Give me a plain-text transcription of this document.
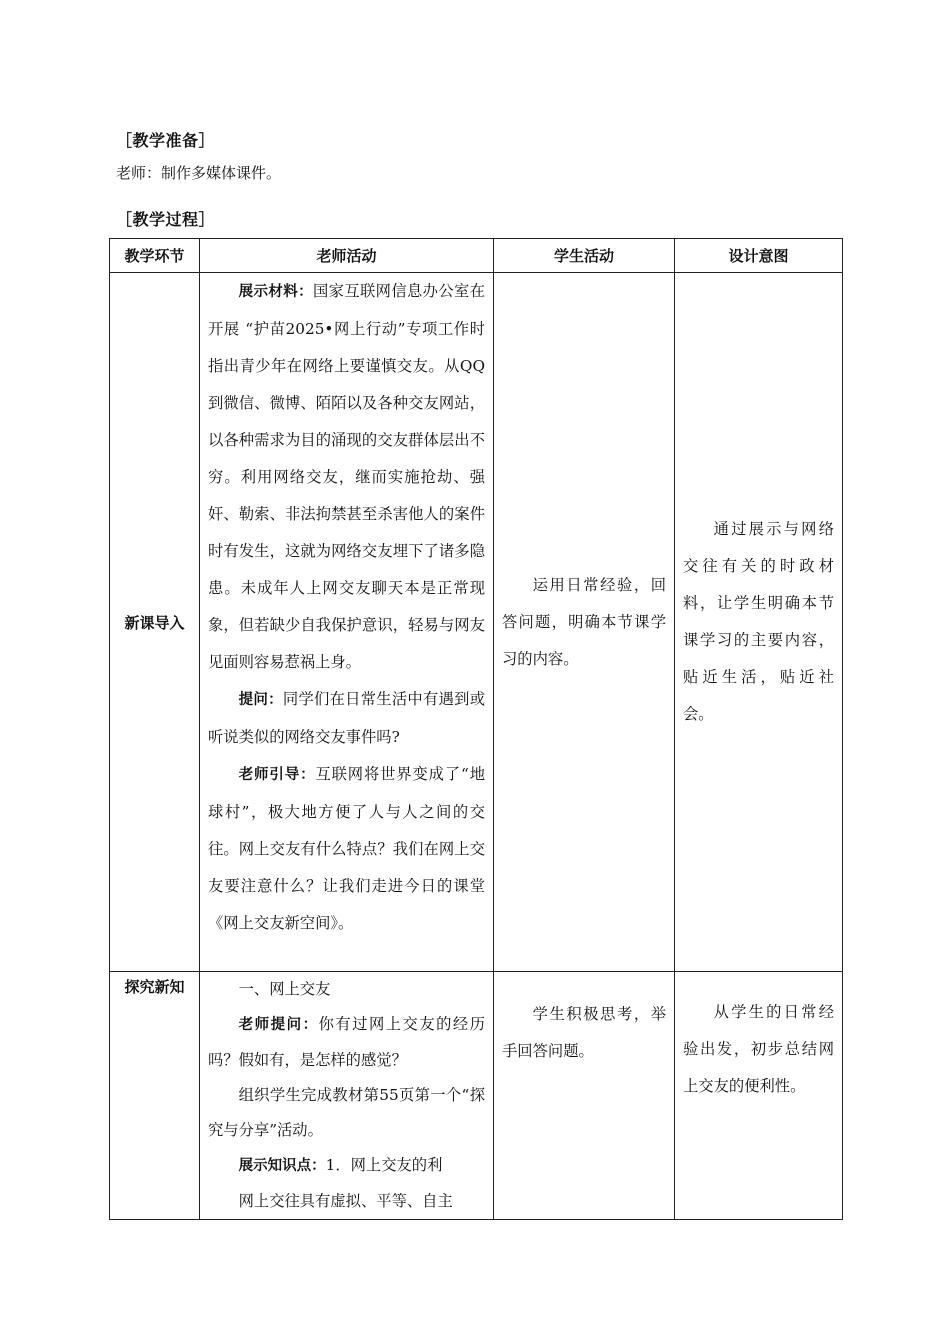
［教学准备］
老师：制作多媒体课件。
［教学过程］
教学环节	老师活动	学生活动	设计意图
新课导入	展示材料：国家互联网信息办公室在开展 “护苗2025•网上行动”专项工作时指出青少年在网络上要谨慎交友。从QQ到微信、微博、陌陌以及各种交友网站，以各种需求为目的涌现的交友群体层出不穷。利用网络交友，继而实施抢劫、强奸、勒索、非法拘禁甚至杀害他人的案件时有发生，这就为网络交友埋下了诸多隐患。未成年人上网交友聊天本是正常现象，但若缺少自我保护意识，轻易与网友见面则容易惹祸上身。

提问：同学们在日常生活中有遇到或听说类似的网络交友事件吗?

老师引导：互联网将世界变成了“地球村”，极大地方便了人与人之间的交往。网上交友有什么特点？我们在网上交友要注意什么？让我们走进今日的课堂《网上交友新空间》。	运用日常经验，回答问题，明确本节课学习的内容。	通过展示与网络交往有关的时政材料，让学生明确本节课学习的主要内容，贴近生活，贴近社会。

探究新知	一、网上交友

老师提问：你有过网上交友的经历吗？假如有，是怎样的感觉？

组织学生完成教材第55页第一个“探究与分享”活动。

展示知识点：1．网上交友的利

网上交往具有虚拟、平等、自主	学生积极思考，举手回答问题。	从学生的日常经验出发，初步总结网上交友的便利性。
